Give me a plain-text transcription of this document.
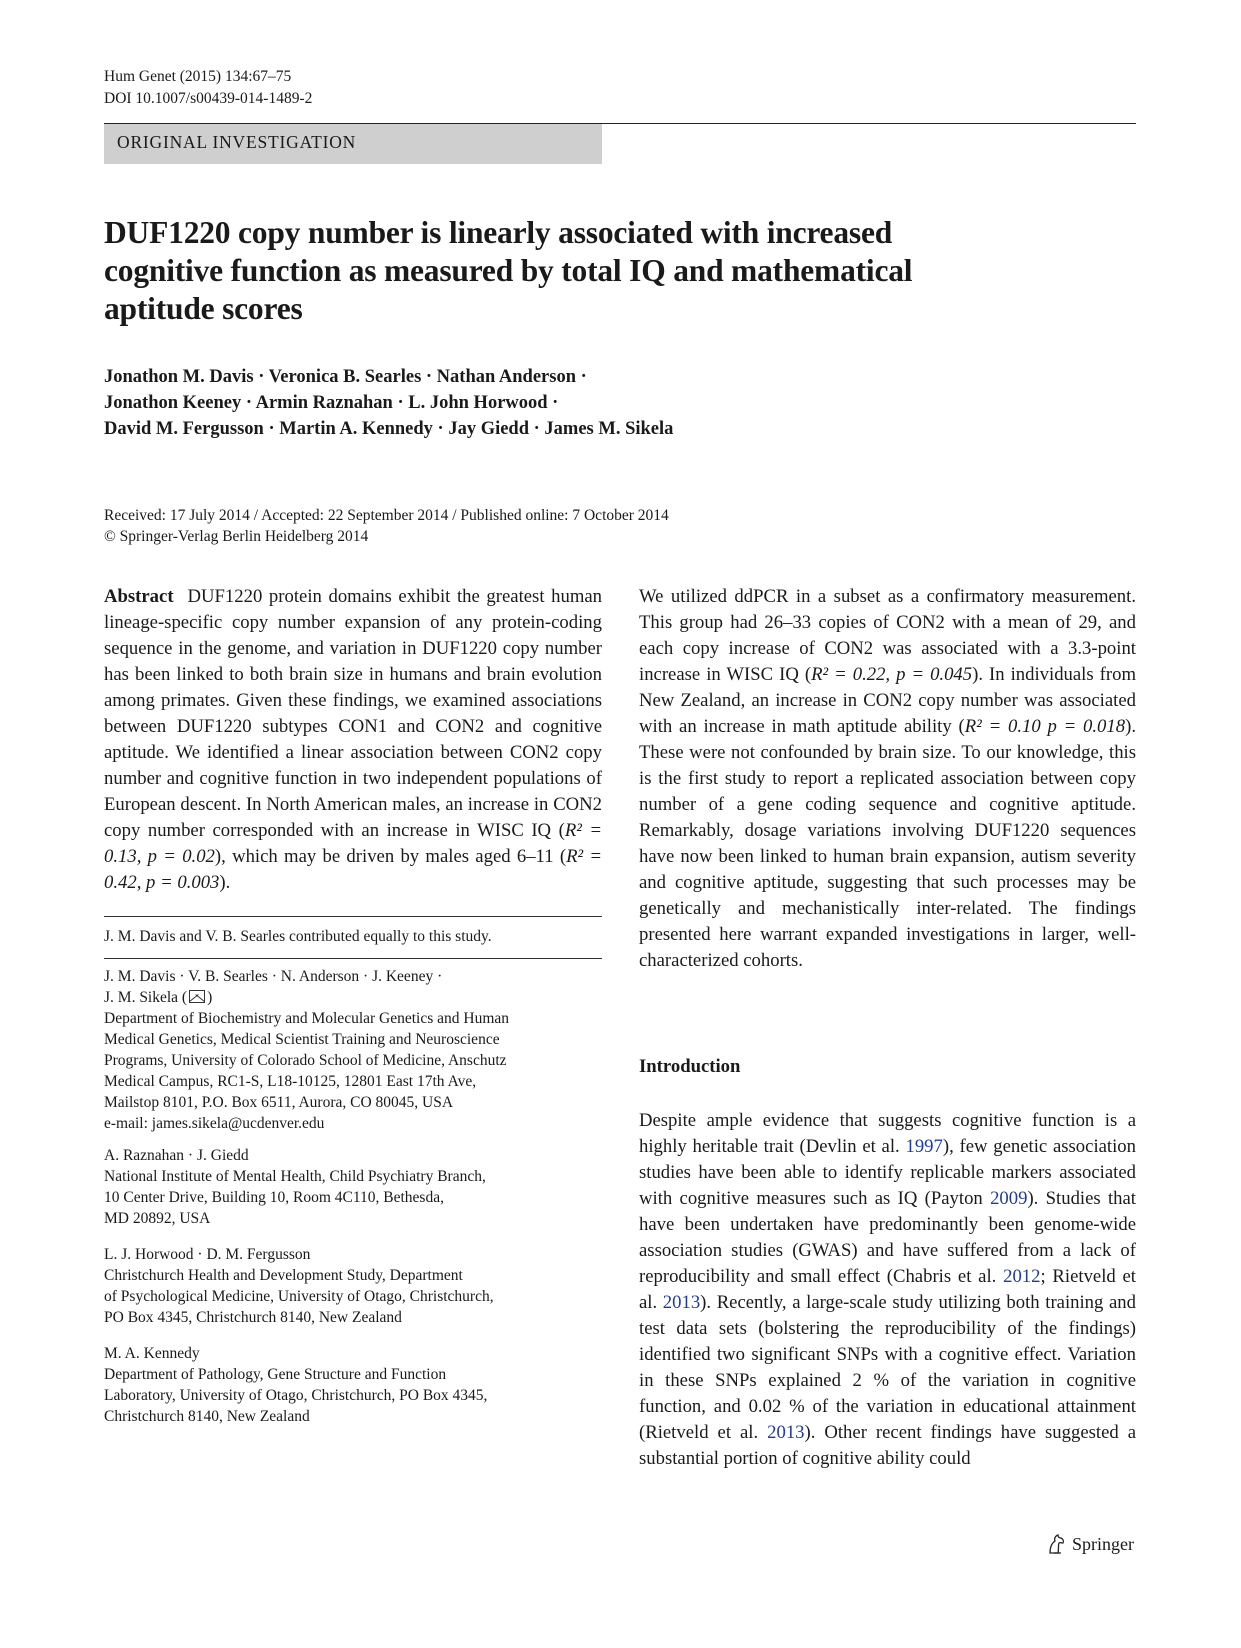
Hum Genet (2015) 134:67–75
DOI 10.1007/s00439-014-1489-2
ORIGINAL INVESTIGATION
DUF1220 copy number is linearly associated with increased
cognitive function as measured by total IQ and mathematical
aptitude scores
Jonathon M. Davis · Veronica B. Searles · Nathan Anderson ·
Jonathon Keeney · Armin Raznahan · L. John Horwood ·
David M. Fergusson · Martin A. Kennedy · Jay Giedd · James M. Sikela
Received: 17 July 2014 / Accepted: 22 September 2014 / Published online: 7 October 2014
© Springer-Verlag Berlin Heidelberg 2014

Abstract DUF1220 protein domains exhibit the greatest human lineage-specific copy number expansion of any protein-coding sequence in the genome, and variation in DUF1220 copy number has been linked to both brain size in humans and brain evolution among primates. Given these findings, we examined associations between DUF1220 subtypes CON1 and CON2 and cognitive aptitude. We identified a linear association between CON2 copy number and cognitive function in two independent populations of European descent. In North American males, an increase in CON2 copy number corresponded with an increase in WISC IQ (R² = 0.13, p = 0.02), which may be driven by males aged 6–11 (R² = 0.42, p = 0.003).

J. M. Davis and V. B. Searles contributed equally to this study.
J. M. Davis · V. B. Searles · N. Anderson · J. Keeney ·
J. M. Sikela ( )
Department of Biochemistry and Molecular Genetics and Human
Medical Genetics, Medical Scientist Training and Neuroscience
Programs, University of Colorado School of Medicine, Anschutz
Medical Campus, RC1-S, L18-10125, 12801 East 17th Ave,
Mailstop 8101, P.O. Box 6511, Aurora, CO 80045, USA
e-mail: james.sikela@ucdenver.edu
A. Raznahan · J. Giedd
National Institute of Mental Health, Child Psychiatry Branch,
10 Center Drive, Building 10, Room 4C110, Bethesda,
MD 20892, USA
L. J. Horwood · D. M. Fergusson
Christchurch Health and Development Study, Department
of Psychological Medicine, University of Otago, Christchurch,
PO Box 4345, Christchurch 8140, New Zealand
M. A. Kennedy
Department of Pathology, Gene Structure and Function
Laboratory, University of Otago, Christchurch, PO Box 4345,
Christchurch 8140, New Zealand

We utilized ddPCR in a subset as a confirmatory measurement. This group had 26–33 copies of CON2 with a mean of 29, and each copy increase of CON2 was associated with a 3.3-point increase in WISC IQ (R² = 0.22, p = 0.045). In individuals from New Zealand, an increase in CON2 copy number was associated with an increase in math aptitude ability (R² = 0.10 p = 0.018). These were not confounded by brain size. To our knowledge, this is the first study to report a replicated association between copy number of a gene coding sequence and cognitive aptitude. Remarkably, dosage variations involving DUF1220 sequences have now been linked to human brain expansion, autism severity and cognitive aptitude, suggesting that such processes may be genetically and mechanistically inter-related. The findings presented here warrant expanded investigations in larger, well-characterized cohorts.

Introduction

Despite ample evidence that suggests cognitive function is a highly heritable trait (Devlin et al. 1997), few genetic association studies have been able to identify replicable markers associated with cognitive measures such as IQ (Payton 2009). Studies that have been undertaken have predominantly been genome-wide association studies (GWAS) and have suffered from a lack of reproducibility and small effect (Chabris et al. 2012; Rietveld et al. 2013). Recently, a large-scale study utilizing both training and test data sets (bolstering the reproducibility of the findings) identified two significant SNPs with a cognitive effect. Variation in these SNPs explained 2 % of the variation in cognitive function, and 0.02 % of the variation in educational attainment (Rietveld et al. 2013). Other recent findings have suggested a substantial portion of cognitive ability could

Springer
